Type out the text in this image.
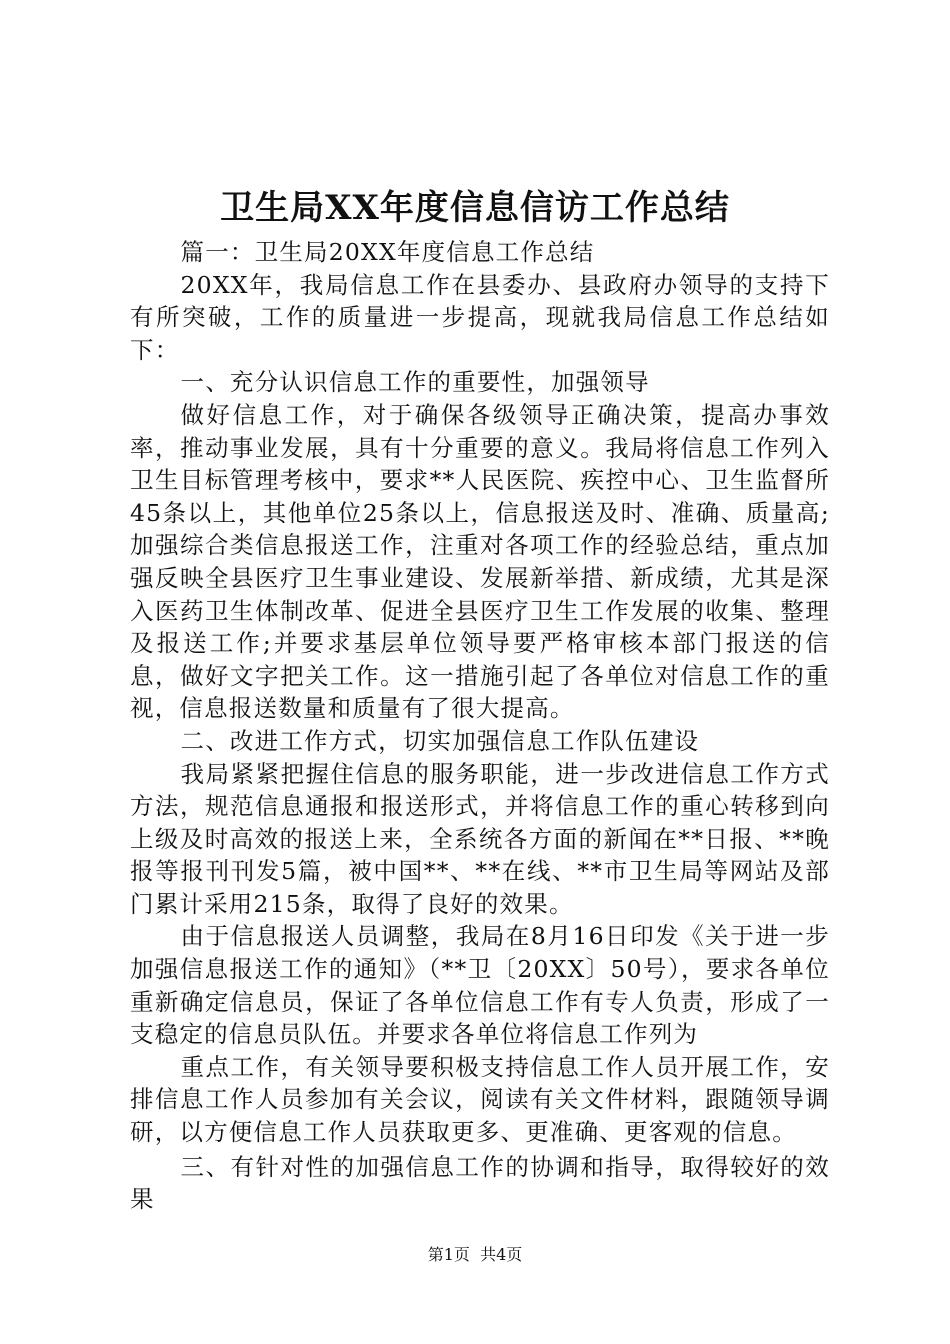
卫生局XX年度信息信访工作总结

篇一：卫生局20XX年度信息工作总结

20XX年，我局信息工作在县委办、县政府办领导的支持下有所突破，工作的质量进一步提高，现就我局信息工作总结如下：

一、充分认识信息工作的重要性，加强领导

做好信息工作，对于确保各级领导正确决策，提高办事效率，推动事业发展，具有十分重要的意义。我局将信息工作列入卫生目标管理考核中，要求**人民医院、疾控中心、卫生监督所45条以上，其他单位25条以上，信息报送及时、准确、质量高;加强综合类信息报送工作，注重对各项工作的经验总结，重点加强反映全县医疗卫生事业建设、发展新举措、新成绩，尤其是深入医药卫生体制改革、促进全县医疗卫生工作发展的收集、整理及报送工作;并要求基层单位领导要严格审核本部门报送的信息，做好文字把关工作。这一措施引起了各单位对信息工作的重视，信息报送数量和质量有了很大提高。

二、改进工作方式，切实加强信息工作队伍建设

我局紧紧把握住信息的服务职能，进一步改进信息工作方式方法，规范信息通报和报送形式，并将信息工作的重心转移到向上级及时高效的报送上来，全系统各方面的新闻在**日报、**晚报等报刊刊发5篇，被中国**、**在线、**市卫生局等网站及部门累计采用215条，取得了良好的效果。

由于信息报送人员调整，我局在8月16日印发《关于进一步加强信息报送工作的通知》（**卫〔20XX〕50号），要求各单位重新确定信息员，保证了各单位信息工作有专人负责，形成了一支稳定的信息员队伍。并要求各单位将信息工作列为

重点工作，有关领导要积极支持信息工作人员开展工作，安排信息工作人员参加有关会议，阅读有关文件材料，跟随领导调研，以方便信息工作人员获取更多、更准确、更客观的信息。

三、有针对性的加强信息工作的协调和指导，取得较好的效果

第1页 共4页
